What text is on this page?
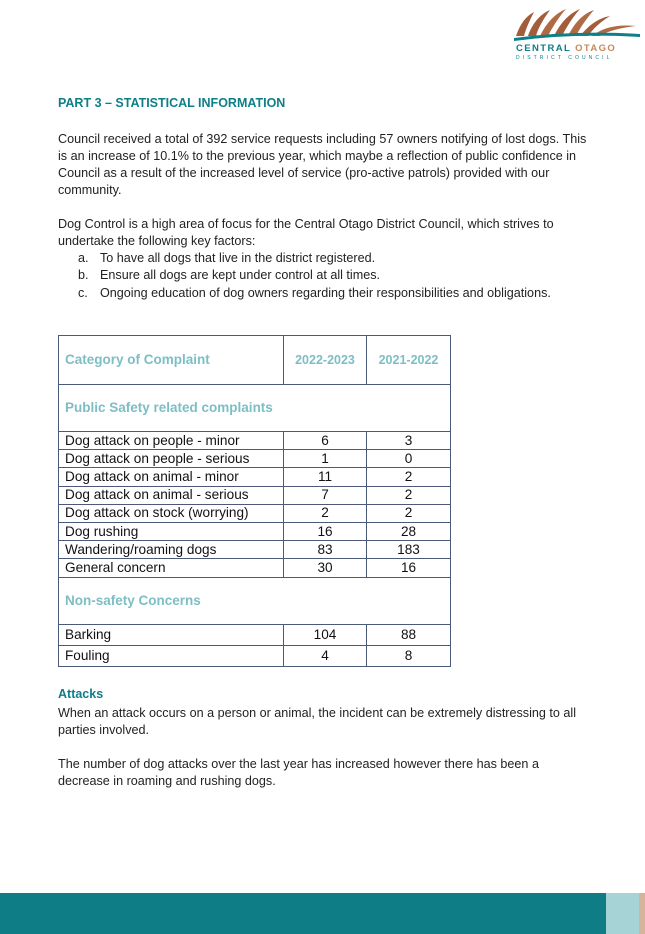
CENTRAL OTAGO
DISTRICT COUNCIL
PART 3 – STATISTICAL INFORMATION

Council received a total of 392 service requests including 57 owners notifying of lost dogs. This is an increase of 10.1% to the previous year, which maybe a reflection of public confidence in Council as a result of the increased level of service (pro-active patrols) provided with our community.

Dog Control is a high area of focus for the Central Otago District Council, which strives to undertake the following key factors:

a. To have all dogs that live in the district registered.
b. Ensure all dogs are kept under control at all times.
c. Ongoing education of dog owners regarding their responsibilities and obligations.
Category of Complaint	2022-2023	2021-2022
Public Safety related complaints		
Dog attack on people - minor	6	3
Dog attack on people - serious	1	0
Dog attack on animal - minor	11	2
Dog attack on animal - serious	7	2
Dog attack on stock (worrying)	2	2
Dog rushing	16	28
Wandering/roaming dogs	83	183
General concern	30	16
Non-safety Concerns		
Barking	104	88
Fouling	4	8
Attacks

When an attack occurs on a person or animal, the incident can be extremely distressing to all parties involved.

The number of dog attacks over the last year has increased however there has been a decrease in roaming and rushing dogs.
